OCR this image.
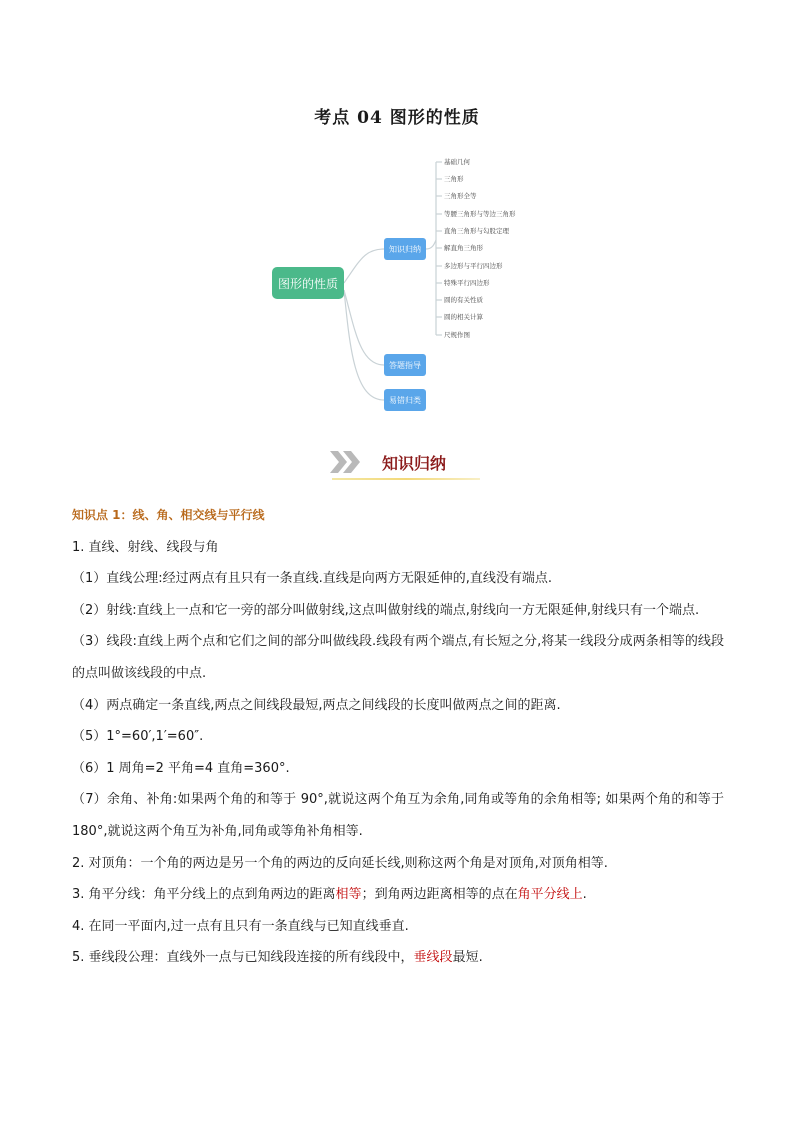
考点 04 图形的性质
图形的性质
知识归纳
答题指导
易错归类
基础几何
三角形
三角形全等
等腰三角形与等边三角形
直角三角形与勾股定理
解直角三角形
多边形与平行四边形
特殊平行四边形
圆的有关性质
圆的相关计算
尺规作图
知识归纳

知识点 1：线、角、相交线与平行线

1. 直线、射线、线段与角

（1）直线公理:经过两点有且只有一条直线.直线是向两方无限延伸的,直线没有端点.

（2）射线:直线上一点和它一旁的部分叫做射线,这点叫做射线的端点,射线向一方无限延伸,射线只有一个端点.

（3）线段:直线上两个点和它们之间的部分叫做线段.线段有两个端点,有长短之分,将某一线段分成两条相等的线段的点叫做该线段的中点.

（4）两点确定一条直线,两点之间线段最短,两点之间线段的长度叫做两点之间的距离.

（5）1°=60′,1′=60″.

（6）1 周角=2 平角=4 直角=360°.

（7）余角、补角:如果两个角的和等于 90°,就说这两个角互为余角,同角或等角的余角相等; 如果两个角的和等于 180°,就说这两个角互为补角,同角或等角补角相等.

2. 对顶角：一个角的两边是另一个角的两边的反向延长线,则称这两个角是对顶角,对顶角相等.

3. 角平分线：角平分线上的点到角两边的距离相等；到角两边距离相等的点在角平分线上.

4. 在同一平面内,过一点有且只有一条直线与已知直线垂直.

5. 垂线段公理：直线外一点与已知线段连接的所有线段中，垂线段最短.
